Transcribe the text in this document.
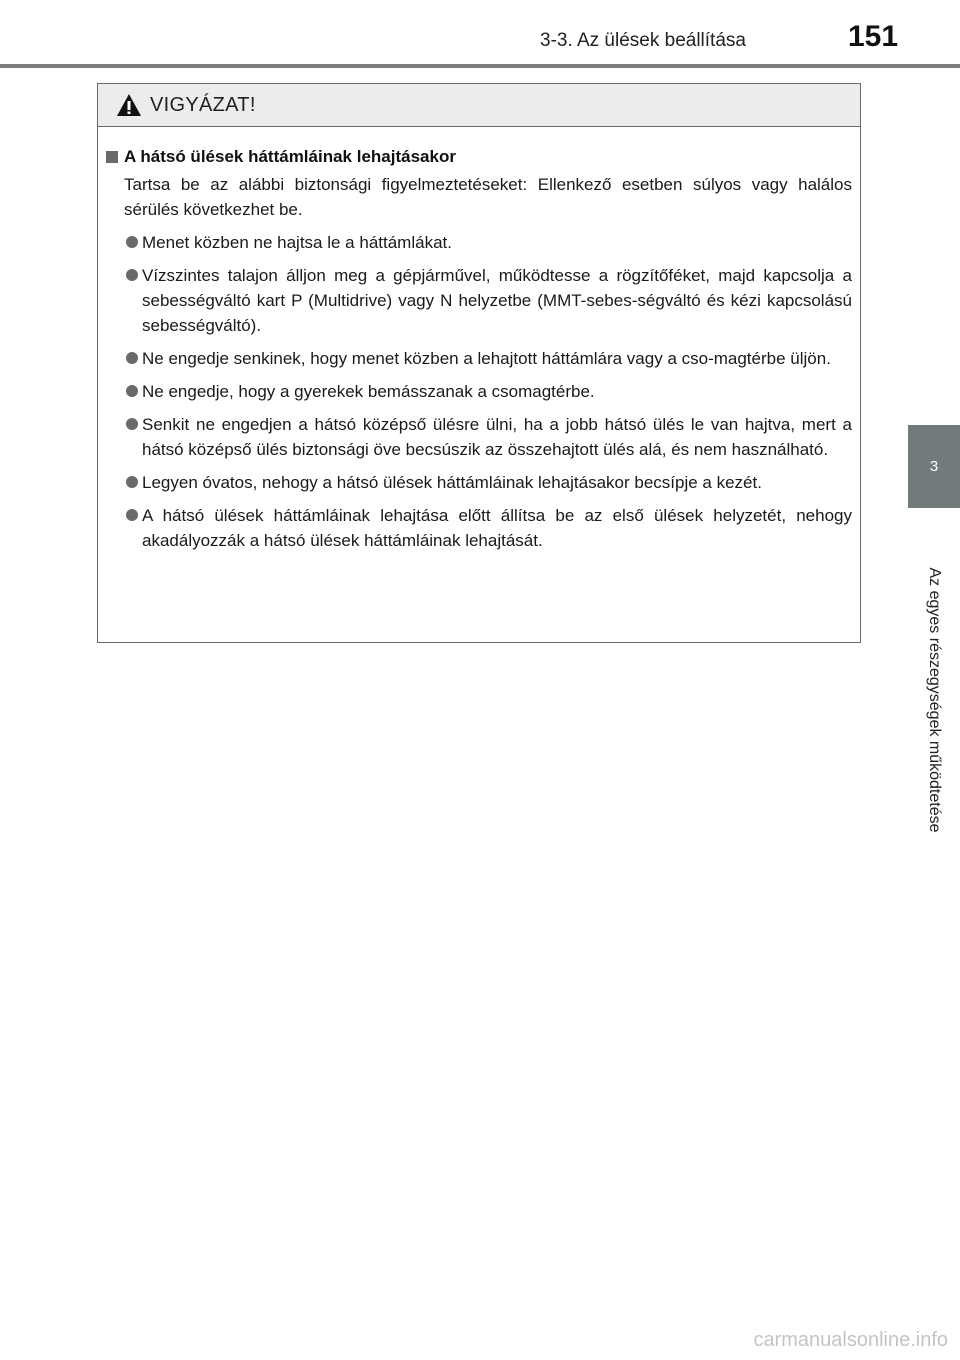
3-3. Az ülések beállítása	151
3
Az egyes részegységek működtetése
VIGYÁZAT!
A hátsó ülések háttámláinak lehajtásakor
Tartsa be az alábbi biztonsági figyelmeztetéseket: Ellenkező esetben súlyos vagy halálos sérülés következhet be.
Menet közben ne hajtsa le a háttámlákat.
Vízszintes talajon álljon meg a gépjárművel, működtesse a rögzítőféket, majd kapcsolja a sebességváltó kart P (Multidrive) vagy N helyzetbe (MMT-sebes-ségváltó és kézi kapcsolású sebességváltó).
Ne engedje senkinek, hogy menet közben a lehajtott háttámlára vagy a cso-magtérbe üljön.
Ne engedje, hogy a gyerekek bemásszanak a csomagtérbe.
Senkit ne engedjen a hátsó középső ülésre ülni, ha a jobb hátsó ülés le van hajtva, mert a hátsó középső ülés biztonsági öve becsúszik az összehajtott ülés alá, és nem használható.
Legyen óvatos, nehogy a hátsó ülések háttámláinak lehajtásakor becsípje a kezét.
A hátsó ülések háttámláinak lehajtása előtt állítsa be az első ülések helyzetét, nehogy akadályozzák a hátsó ülések háttámláinak lehajtását.
carmanualsonline.info
